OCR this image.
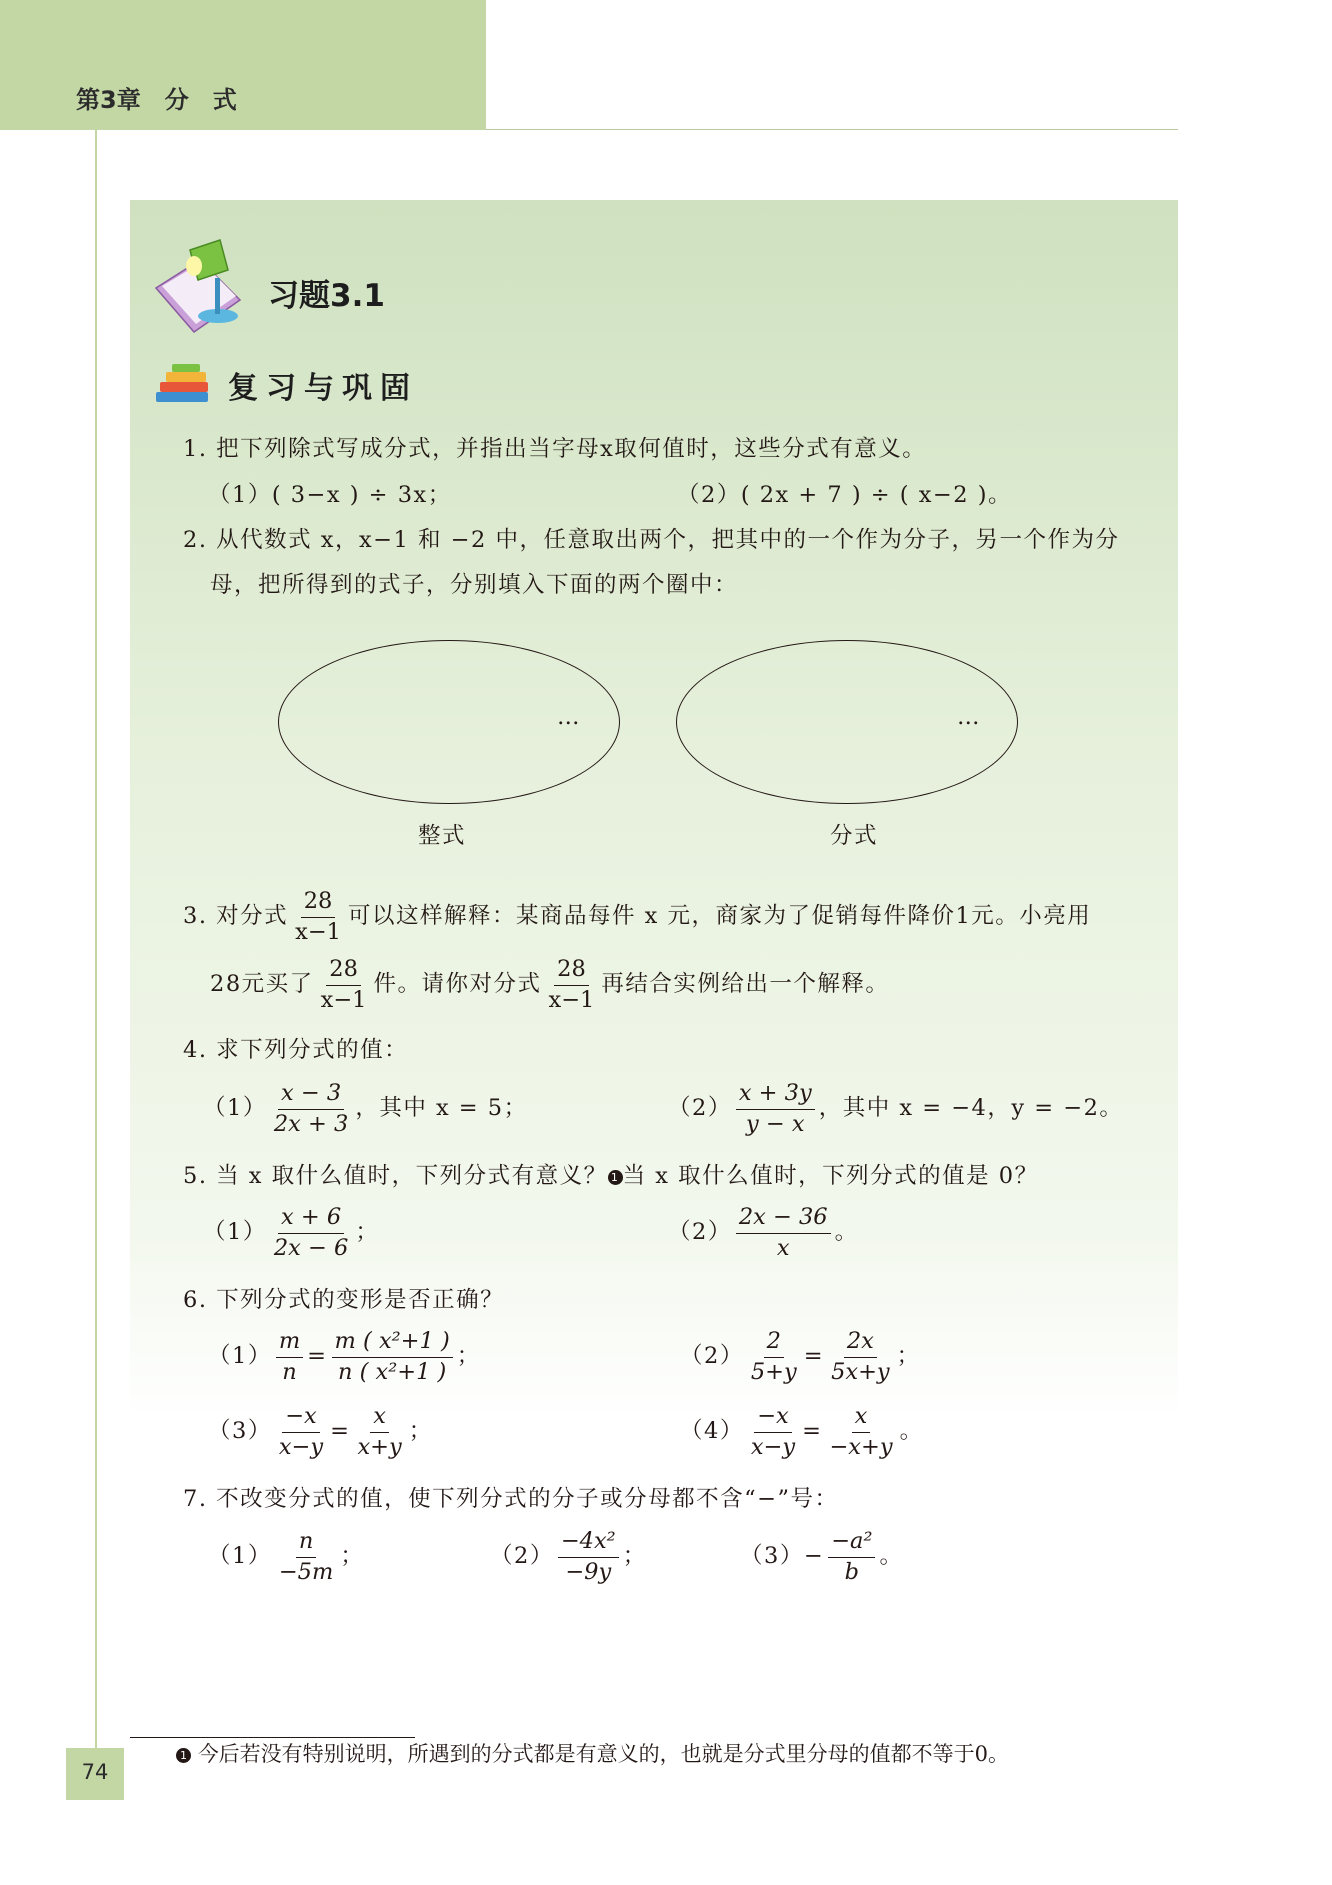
第3章　分　式
习题3.1
复习与巩固
1. 把下列除式写成分式，并指出当字母x取何值时，这些分式有意义。
（1）( 3−x ) ÷ 3x；	（2）( 2x + 7 ) ÷ ( x−2 )。
2. 从代数式 x，x−1 和 −2 中，任意取出两个，把其中的一个作为分子，另一个作为分
母，把所得到的式子，分别填入下面的两个圈中：
…	…
整式	分式
3. 对分式 $\frac{28}{x-1}$ 可以这样解释：某商品每件 x 元，商家为了促销每件降价1元。小亮用
28元买了 $\frac{28}{x-1}$ 件。请你对分式 $\frac{28}{x-1}$ 再结合实例给出一个解释。
4. 求下列分式的值：
$(1) \frac{x - 3}{2x + 3}$ ，其中 x = 5；	$(2) \frac{x + 3y}{y - x}$ ，其中 x = −4，y = −2。
5. 当 x 取什么值时，下列分式有意义？ 1 当 x 取什么值时，下列分式的值是 0？
$(1) \frac{x + 6}{2x - 6}$ ；	$(2) \frac{2x - 36}{x}$ 。
6. 下列分式的变形是否正确？
$(1) \frac{m}{n} = \frac{\text{m ( x²+1 )}}{\text{n ( x²+1 )}}$ ；	$(2) \frac{2}{5+y} = \frac{2x}{5x+y}$ ；
$(3) \frac{-x}{x-y} = \frac{x}{x+y}$ ；	$(4) \frac{-x}{x-y} = \frac{x}{-x+y}$ 。
7. 不改变分式的值，使下列分式的分子或分母都不含“−”号：
$(1) \frac{n}{-5m}$ ；	$(2) \frac{\text{−4x²}}{-9y}$ ；	$(3)- \frac{\text{−a²}}{b}$ 。
1 今后若没有特别说明，所遇到的分式都是有意义的，也就是分式里分母的值都不等于0。
74
